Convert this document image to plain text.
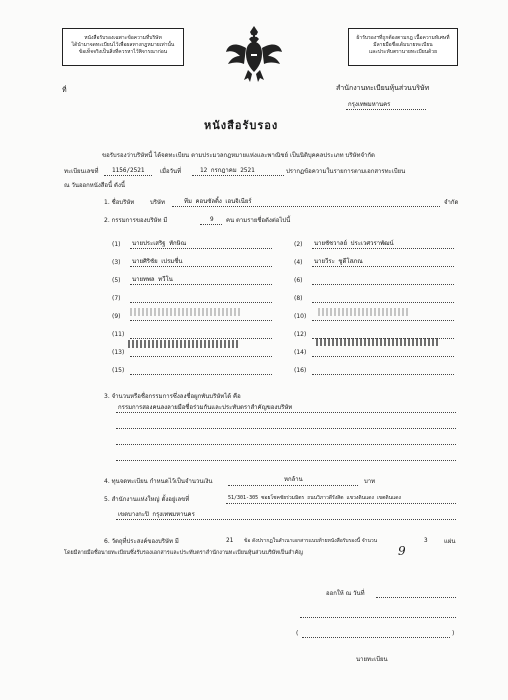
หนังสือรับรองเฉพาะข้อความที่บริษัท
ได้นำมาจดทะเบียนไว้เพื่อผลทางกฎหมายเท่านั้น
ข้อเท็จจริงเป็นสิ่งที่ควรหาไว้พิจารณาก่อน
ผ้ารับรองฯที่ถูกต้องตามกฎ เนื้อความหัเศษที่
มีลายมือชื่อเด้มนายทะเบียน
และประทับตรานายทะเบียนด้วย
ที่	สำนักงานทะเบียนหุ้นส่วนบริษัท
กรุงเทพมหานคร
หนังสือรับรอง
ขอรับรองว่าบริษัทนี้ ได้จดทะเบียน ตามประมวลกฎหมายแห่งและพาณิชย์ เป็นนิติบุคคลประเภท บริษัทจำกัด
ทะเบียนเลขที่ 1156/2521	เมื่อวันที่	12 กรกฎาคม 2521	ปรากฏข้อความในรายการตามเอกสารทะเบียน
ณ วันออกหนังสือนี้ ดังนี้
1. ชื่อบริษัท	บริษัท	ทีม คอนซัลติ้ง เอนจิเนียร์	จำกัด
2. กรรมการของบริษัท มี	9 คน ตามรายชื่อดังต่อไปนี้
(1) นายประเสริฐ ทักษิณ	(2) นายชัชวาลย์ ประเวศวราพัฒน์
(3) นายศิริชัย เปรมชื่น	(4) นายวีระ ชูดีโสภณ
(5) นายทพล ทวีโน	(6)
(7)	(8)
(9)	(10)
(11)	(12)
(13)	(14)
(15)	(16)
3. จำนวนหรือชื่อกรรมการซึ่งลงชื่อผูกพันบริษัทได้ คือ
กรรมการสองคนลงลายมือชื่อร่วมกันและประทับตราสำคัญของบริษัท
4. ทุนจดทะเบียน กำหนดไว้เป็นจำนวนเงิน	หกล้าน	บาท
5. สำนักงานแห่งใหญ่ ตั้งอยู่เลขที่	51/301-305 ซอยโชคชัยร่วมมิตร ถนนวิภาวดีรังสิต แขวงดินแดง เขตดินแดง
เขตบางกะปิ กรุงเทพมหานคร
6. วัตถุที่ประสงค์ของบริษัท มี	21 ข้อ ดังปรากฏในสำเนาเอกสารแนบท้ายหนังสือรับรองนี้ จำนวน	3	แผ่น
โดยมีลายมือชื่อนายทะเบียนซึ่งรับรองเอกสารและประทับตราสำนักงานทะเบียนหุ้นส่วนบริษัทเป็นสำคัญ	9
ออกให้ ณ วันที่
(	)
นายทะเบียน
